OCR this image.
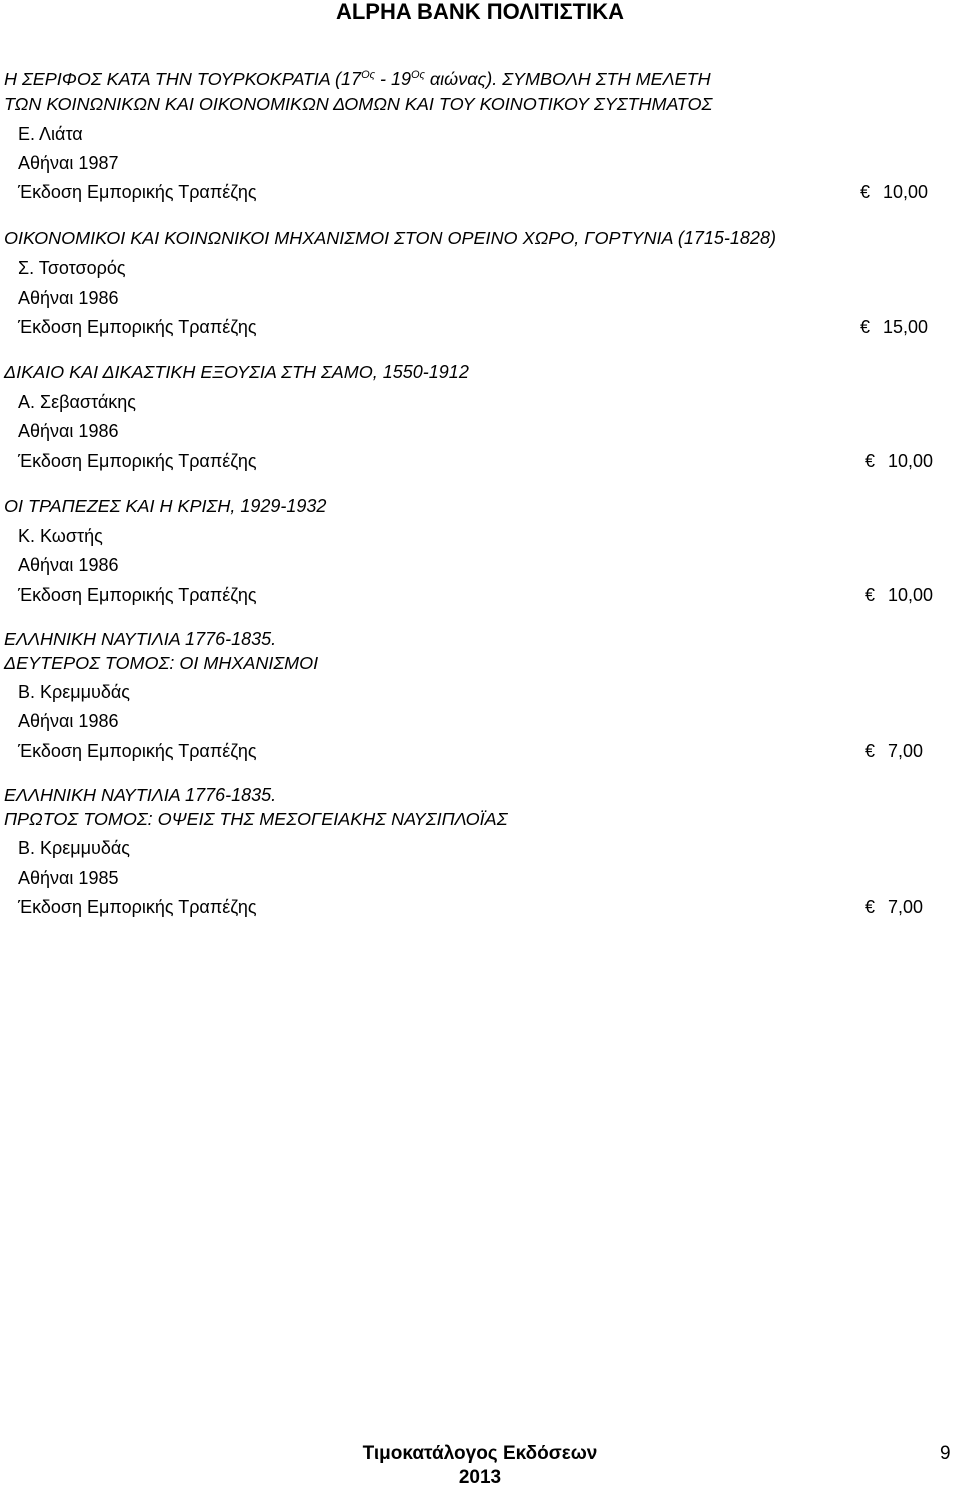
ALPHA BANK ΠΟΛΙΤΙΣΤΙΚΑ
Η ΣΕΡΙΦΟΣ ΚΑΤΑ ΤΗΝ ΤΟΥΡΚΟΚΡΑΤΙΑ ($17^{O\varsigma} - 19^{O\varsigma}$ αιώνας). ΣΥΜΒΟΛΗ ΣΤΗ ΜΕΛΕΤΗ
ΤΩΝ ΚΟΙΝΩΝΙΚΩΝ ΚΑΙ ΟΙΚΟΝΟΜΙΚΩΝ ΔΟΜΩΝ ΚΑΙ ΤΟΥ ΚΟΙΝΟΤΙΚΟΥ ΣΥΣΤΗΜΑΤΟΣ
Ε. Λιάτα
Αθήναι 1987
Έκδοση Εμπορικής Τραπέζης	€ 10,00
ΟΙΚΟΝΟΜΙΚΟΙ ΚΑΙ ΚΟΙΝΩΝΙΚΟΙ ΜΗΧΑΝΙΣΜΟΙ ΣΤΟΝ ΟΡΕΙΝΟ ΧΩΡΟ, ΓΟΡΤΥΝΙΑ (1715-1828)
Σ. Τσοτσορός
Αθήναι 1986
Έκδοση Εμπορικής Τραπέζης	€ 15,00
ΔΙΚΑΙΟ ΚΑΙ ΔΙΚΑΣΤΙΚΗ ΕΞΟΥΣΙΑ ΣΤΗ ΣΑΜΟ, 1550-1912
Α. Σεβαστάκης
Αθήναι 1986
Έκδοση Εμπορικής Τραπέζης	€ 10,00
ΟΙ ΤΡΑΠΕΖΕΣ ΚΑΙ Η ΚΡΙΣΗ, 1929-1932
Κ. Κωστής
Αθήναι 1986
Έκδοση Εμπορικής Τραπέζης	€ 10,00
ΕΛΛΗΝΙΚΗ ΝΑΥΤΙΛΙΑ 1776-1835.
ΔΕΥΤΕΡΟΣ ΤΟΜΟΣ: ΟΙ ΜΗΧΑΝΙΣΜΟΙ
Β. Κρεμμυδάς
Αθήναι 1986
Έκδοση Εμπορικής Τραπέζης	€ 7,00
ΕΛΛΗΝΙΚΗ ΝΑΥΤΙΛΙΑ 1776-1835.
ΠΡΩΤΟΣ ΤΟΜΟΣ: ΟΨΕΙΣ ΤΗΣ ΜΕΣΟΓΕΙΑΚΗΣ ΝΑΥΣΙΠΛΟΪΑΣ
Β. Κρεμμυδάς
Αθήναι 1985
Έκδοση Εμπορικής Τραπέζης	€ 7,00
Τιμοκατάλογος Εκδόσεων
2013
9
